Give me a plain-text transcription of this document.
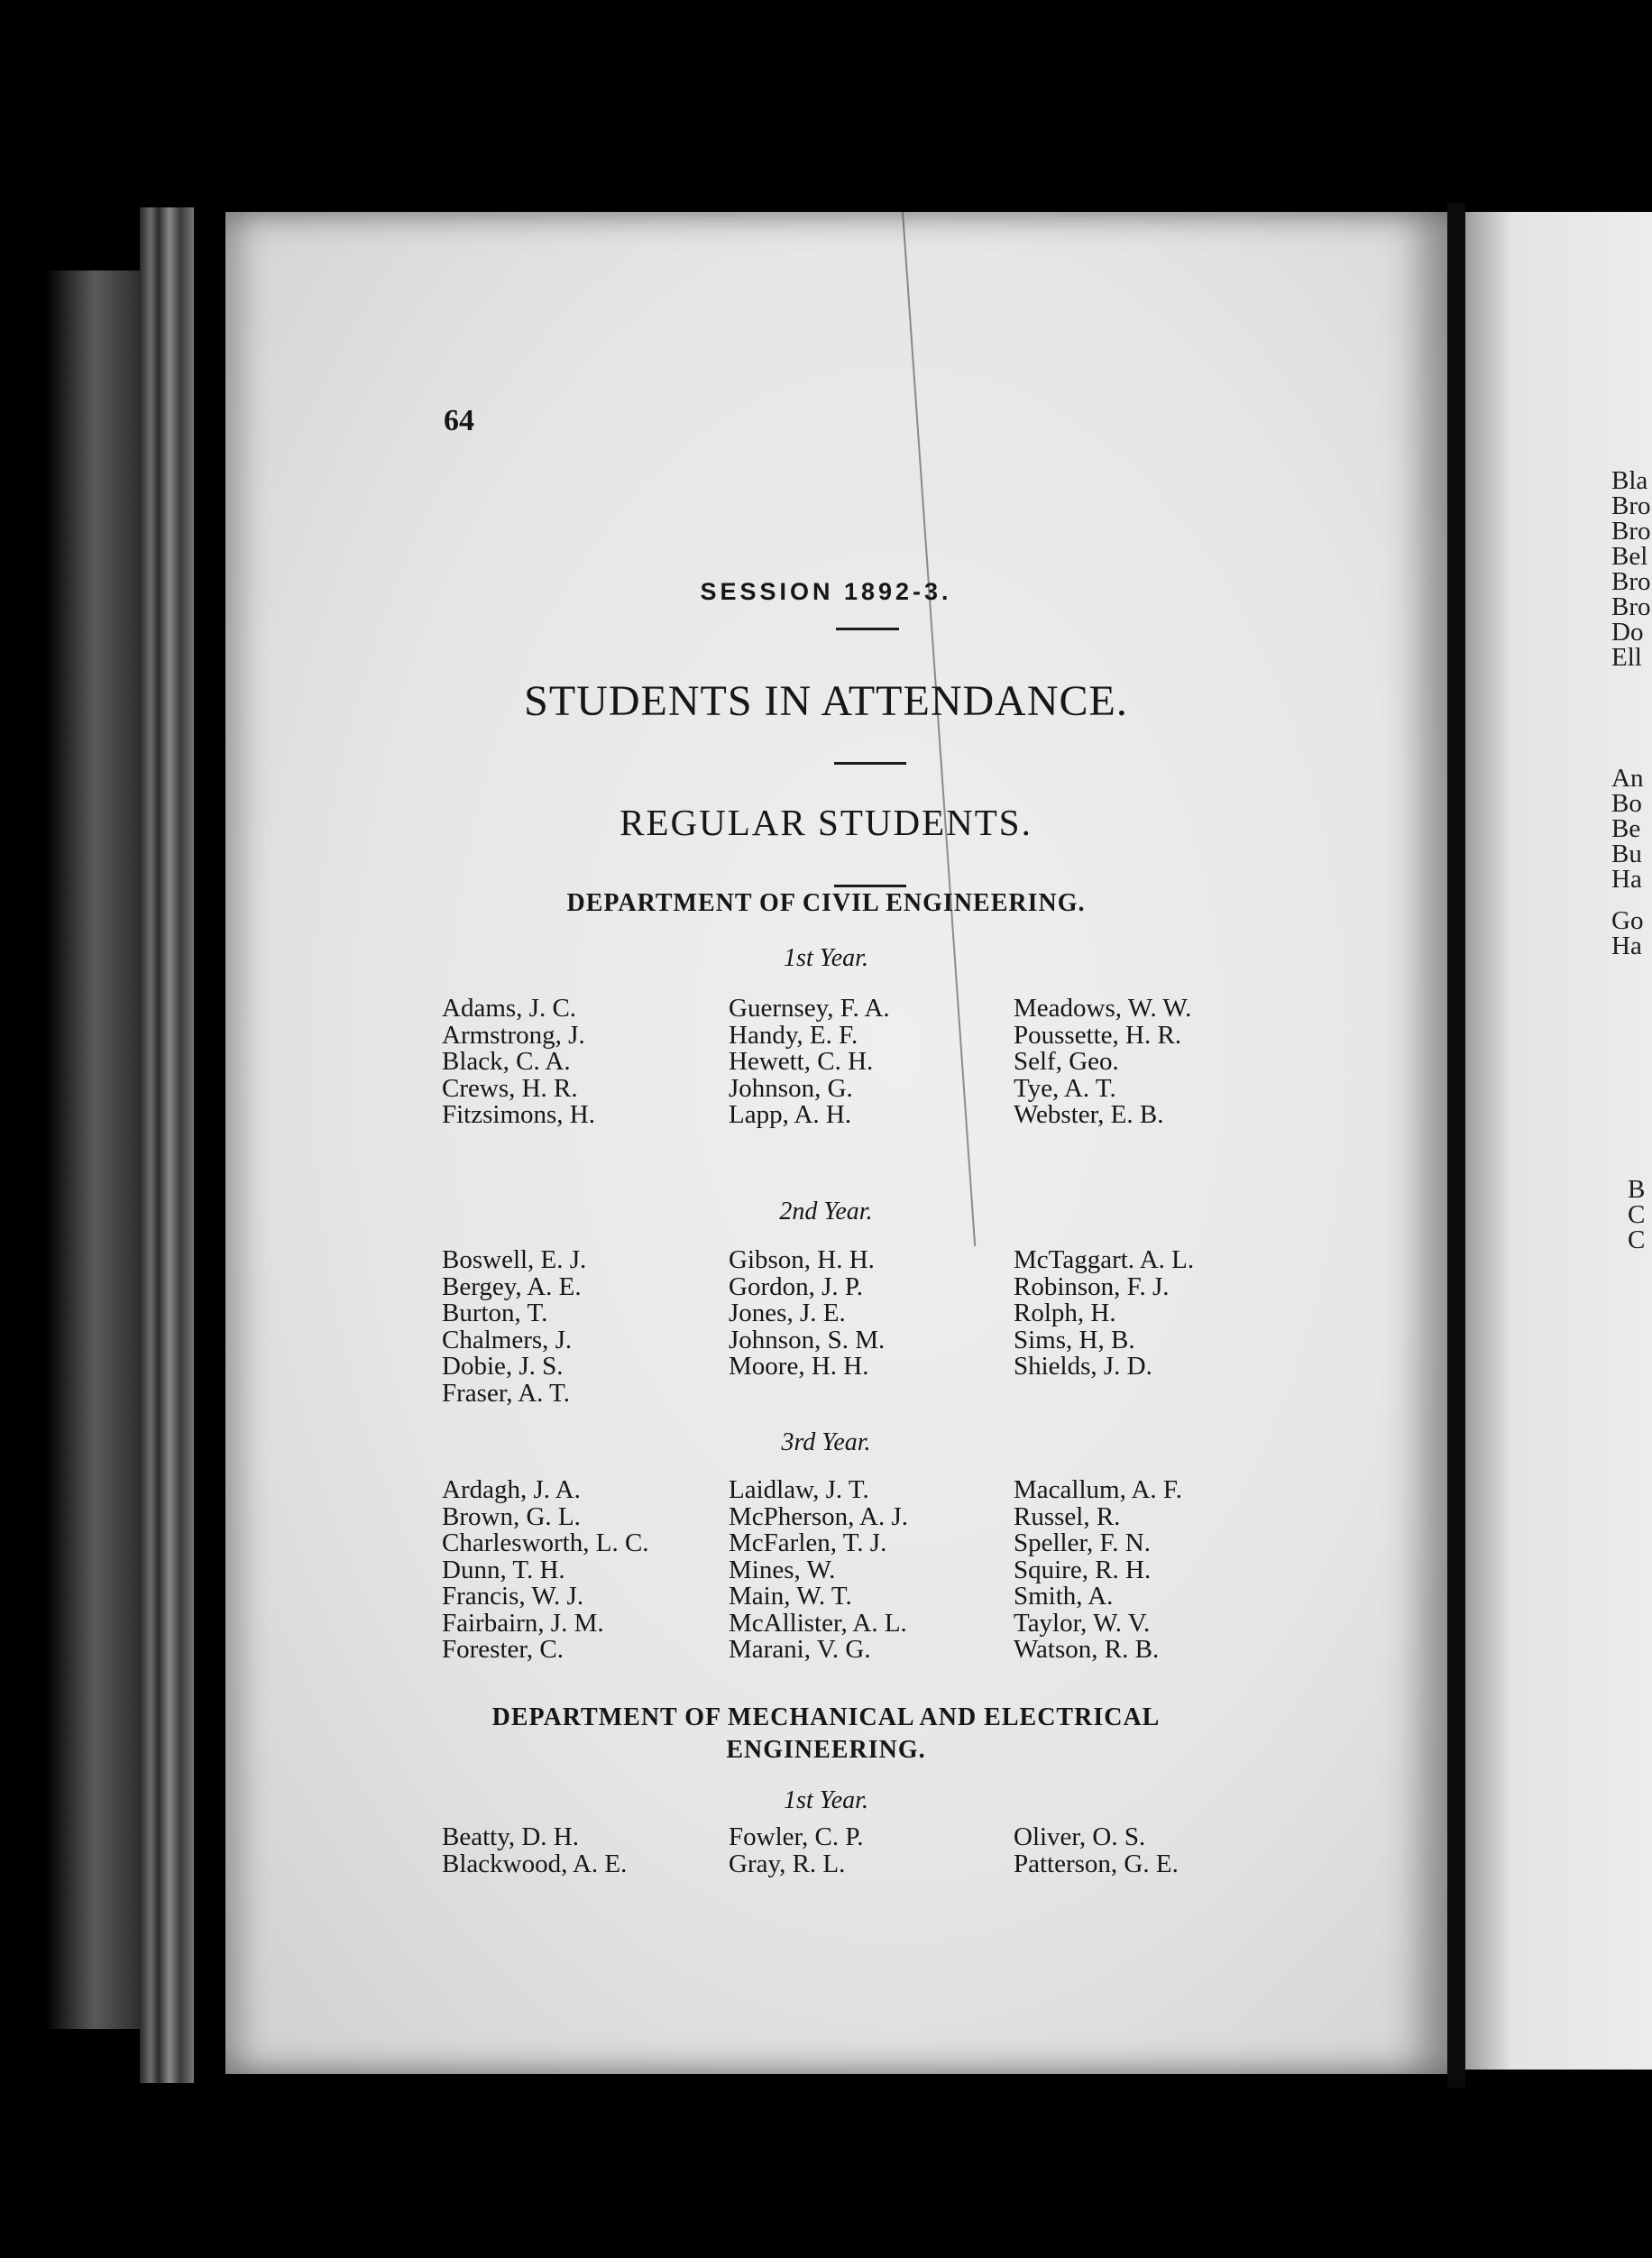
Bla
Bro
Bro
Bel
Bro
Bro
Do
Ell
An
Bo
Be
Bu
Ha
Go
Ha
B
C
C
64
SESSION 1892-3.
STUDENTS IN ATTENDANCE.
REGULAR STUDENTS.
DEPARTMENT OF CIVIL ENGINEERING.
1st Year.
Adams, J. C.
Armstrong, J.
Black, C. A.
Crews, H. R.
Fitzsimons, H.
Guernsey, F. A.
Handy, E. F.
Hewett, C. H.
Johnson, G.
Lapp, A. H.
Meadows, W. W.
Poussette, H. R.
Self, Geo.
Tye, A. T.
Webster, E. B.
2nd Year.
Boswell, E. J.
Bergey, A. E.
Burton, T.
Chalmers, J.
Dobie, J. S.
Fraser, A. T.
Gibson, H. H.
Gordon, J. P.
Jones, J. E.
Johnson, S. M.
Moore, H. H.
McTaggart. A. L.
Robinson, F. J.
Rolph, H.
Sims, H, B.
Shields, J. D.
3rd Year.
Ardagh, J. A.
Brown, G. L.
Charlesworth, L. C.
Dunn, T. H.
Francis, W. J.
Fairbairn, J. M.
Forester, C.
Laidlaw, J. T.
McPherson, A. J.
McFarlen, T. J.
Mines, W.
Main, W. T.
McAllister, A. L.
Marani, V. G.
Macallum, A. F.
Russel, R.
Speller, F. N.
Squire, R. H.
Smith, A.
Taylor, W. V.
Watson, R. B.
DEPARTMENT OF MECHANICAL AND ELECTRICAL
ENGINEERING.
1st Year.
Beatty, D. H.
Blackwood, A. E.
Fowler, C. P.
Gray, R. L.
Oliver, O. S.
Patterson, G. E.
